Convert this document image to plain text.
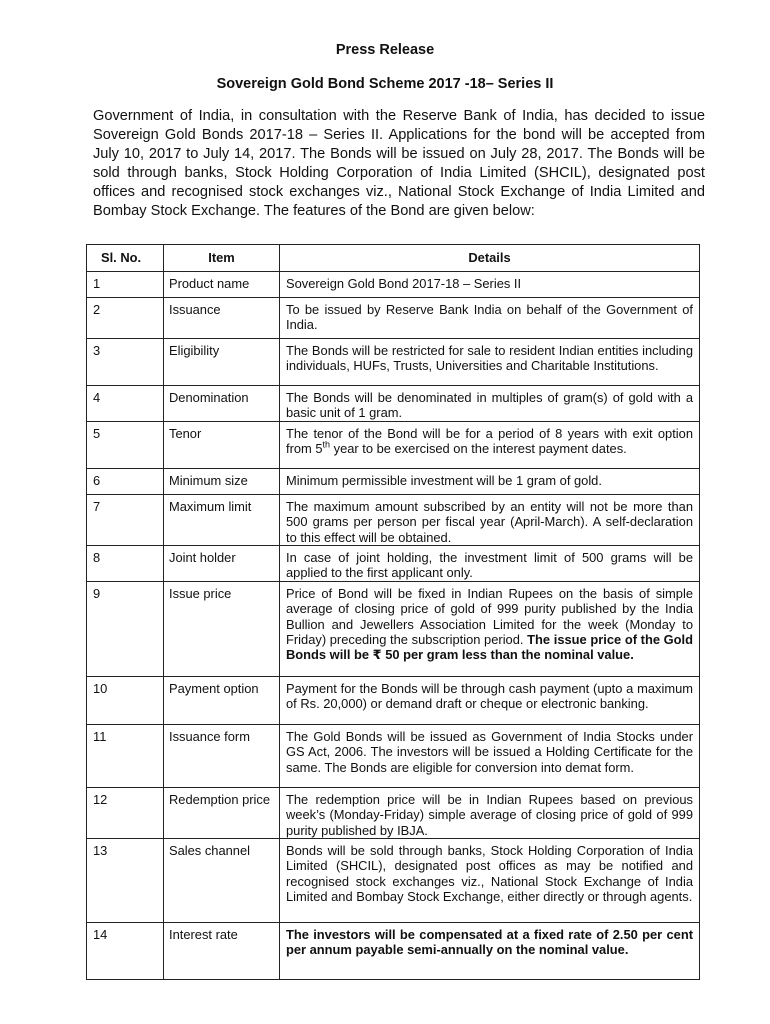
Press Release
Sovereign Gold Bond Scheme 2017 -18– Series II

Government of India, in consultation with the Reserve Bank of India, has decided to issue Sovereign Gold Bonds 2017-18 – Series II. Applications for the bond will be accepted from July 10, 2017 to July 14, 2017. The Bonds will be issued on July 28, 2017. The Bonds will be sold through banks, Stock Holding Corporation of India Limited (SHCIL), designated post offices and recognised stock exchanges viz., National Stock Exchange of India Limited and Bombay Stock Exchange. The features of the Bond are given below:

Sl. No.	Item	Details
1	Product name	Sovereign Gold Bond 2017-18 – Series II
2	Issuance	To be issued by Reserve Bank India on behalf of the Government of India.
3	Eligibility	The Bonds will be restricted for sale to resident Indian entities including individuals, HUFs, Trusts, Universities and Charitable Institutions.
4	Denomination	The Bonds will be denominated in multiples of gram(s) of gold with a basic unit of 1 gram.
5	Tenor	The tenor of the Bond will be for a period of 8 years with exit option from 5th year to be exercised on the interest payment dates.
6	Minimum size	Minimum permissible investment will be 1 gram of gold.
7	Maximum limit	The maximum amount subscribed by an entity will not be more than 500 grams per person per fiscal year (April-March). A self-declaration to this effect will be obtained.
8	Joint holder	In case of joint holding, the investment limit of 500 grams will be applied to the first applicant only.
9	Issue price	Price of Bond will be fixed in Indian Rupees on the basis of simple average of closing price of gold of 999 purity published by the India Bullion and Jewellers Association Limited for the week (Monday to Friday) preceding the subscription period. The issue price of the Gold Bonds will be ₹ 50 per gram less than the nominal value.
10	Payment option	Payment for the Bonds will be through cash payment (upto a maximum of Rs. 20,000) or demand draft or cheque or electronic banking.
11	Issuance form	The Gold Bonds will be issued as Government of India Stocks under GS Act, 2006. The investors will be issued a Holding Certificate for the same. The Bonds are eligible for conversion into demat form.
12	Redemption price	The redemption price will be in Indian Rupees based on previous week’s (Monday-Friday) simple average of closing price of gold of 999 purity published by IBJA.
13	Sales channel	Bonds will be sold through banks, Stock Holding Corporation of India Limited (SHCIL), designated post offices as may be notified and recognised stock exchanges viz., National Stock Exchange of India Limited and Bombay Stock Exchange, either directly or through agents.
14	Interest rate	The investors will be compensated at a fixed rate of 2.50 per cent per annum payable semi-annually on the nominal value.
